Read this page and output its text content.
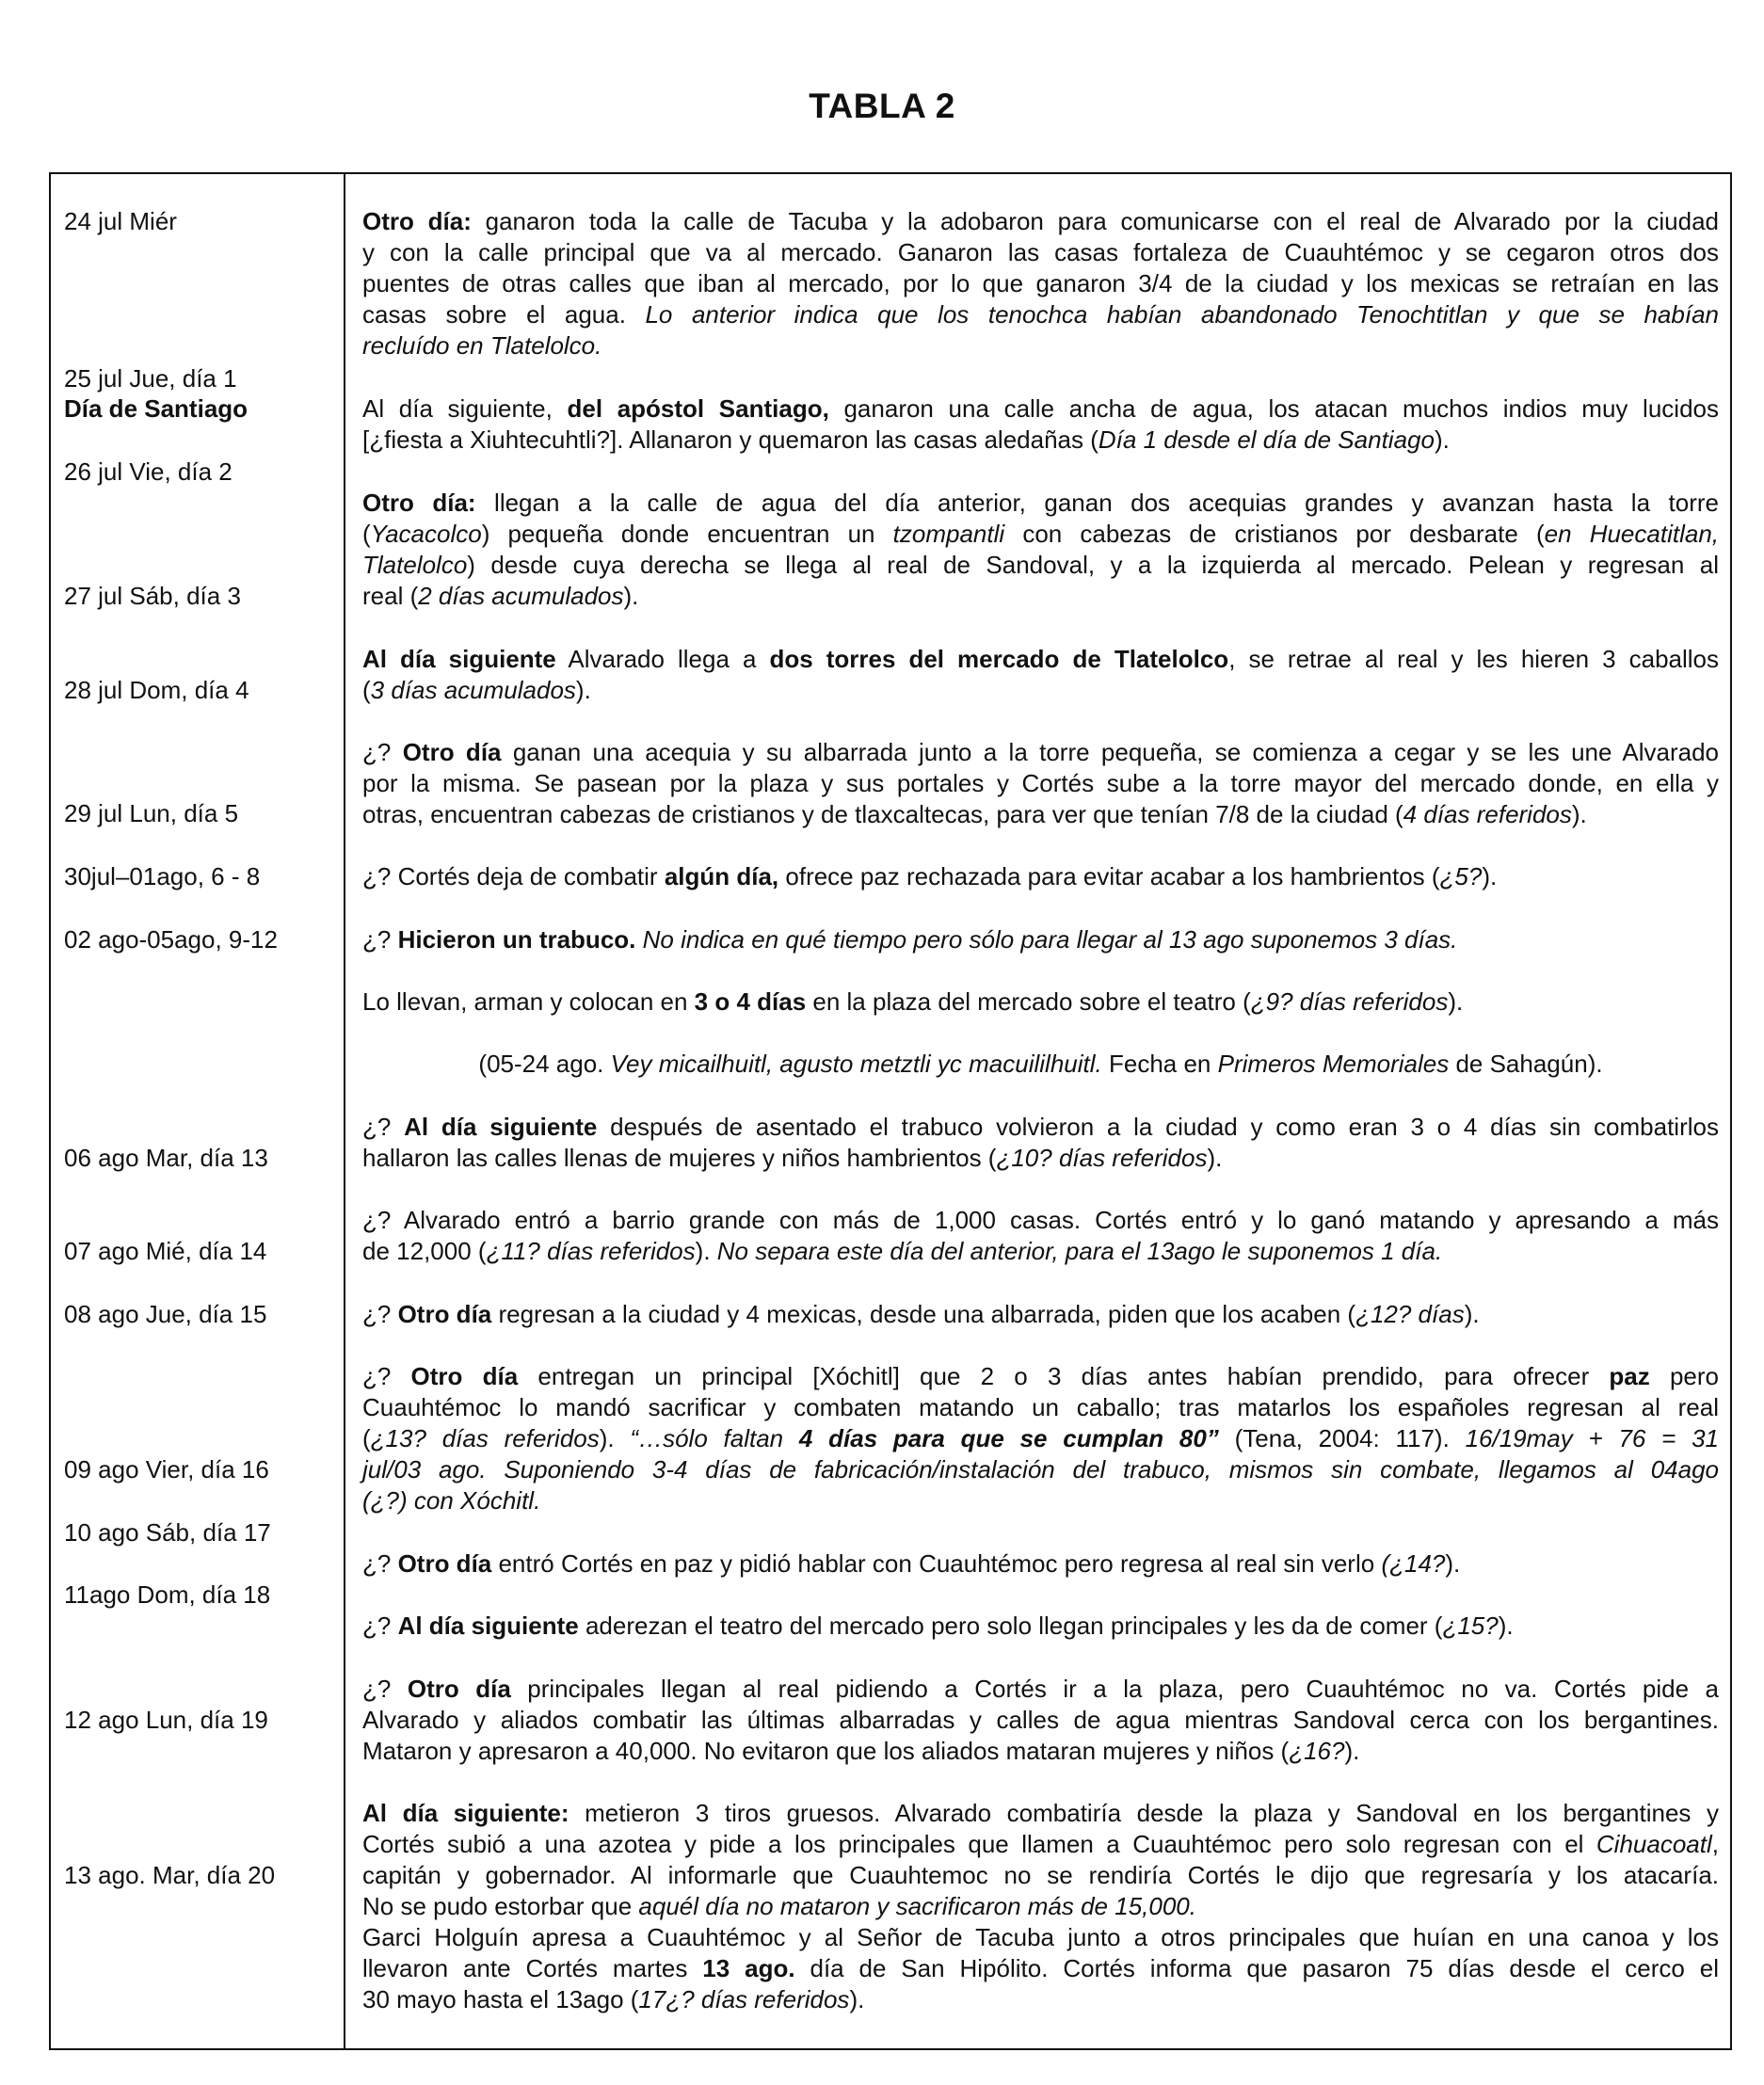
TABLA 2
24 jul Miér
25 jul Jue, día 1
Día de Santiago
26 jul Vie, día 2
27 jul Sáb, día 3
28 jul Dom, día 4
29 jul Lun, día 5
30jul–01ago, 6 - 8
02 ago-05ago, 9-12
06 ago Mar, día 13
07 ago Mié, día 14
08 ago Jue, día 15
09 ago Vier, día 16
10 ago Sáb, día 17
11ago Dom, día 18
12 ago Lun, día 19
13 ago. Mar, día 20
Otro día: ganaron toda la calle de Tacuba y la adobaron para comunicarse con el real de Alvarado por la ciudad
y con la calle principal que va al mercado. Ganaron las casas fortaleza de Cuauhtémoc y se cegaron otros dos
puentes de otras calles que iban al mercado, por lo que ganaron 3/4 de la ciudad y los mexicas se retraían en las
casas sobre el agua. Lo anterior indica que los tenochca habían abandonado Tenochtitlan y que se habían
recluído en Tlatelolco.
Al día siguiente, del apóstol Santiago, ganaron una calle ancha de agua, los atacan muchos indios muy lucidos
[¿fiesta a Xiuhtecuhtli?]. Allanaron y quemaron las casas aledañas (Día 1 desde el día de Santiago).
Otro día: llegan a la calle de agua del día anterior, ganan dos acequias grandes y avanzan hasta la torre
(Yacacolco) pequeña donde encuentran un tzompantli con cabezas de cristianos por desbarate (en Huecatitlan,
Tlatelolco) desde cuya derecha se llega al real de Sandoval, y a la izquierda al mercado. Pelean y regresan al
real (2 días acumulados).
Al día siguiente Alvarado llega a dos torres del mercado de Tlatelolco, se retrae al real y les hieren 3 caballos
(3 días acumulados).
¿? Otro día ganan una acequia y su albarrada junto a la torre pequeña, se comienza a cegar y se les une Alvarado
por la misma. Se pasean por la plaza y sus portales y Cortés sube a la torre mayor del mercado donde, en ella y
otras, encuentran cabezas de cristianos y de tlaxcaltecas, para ver que tenían 7/8 de la ciudad (4 días referidos).
¿? Cortés deja de combatir algún día, ofrece paz rechazada para evitar acabar a los hambrientos (¿5?).
¿? Hicieron un trabuco. No indica en qué tiempo pero sólo para llegar al 13 ago suponemos 3 días.
Lo llevan, arman y colocan en 3 o 4 días en la plaza del mercado sobre el teatro (¿9? días referidos).
(05-24 ago. Vey micailhuitl, agusto metztli yc macuililhuitl. Fecha en Primeros Memoriales de Sahagún).
¿? Al día siguiente después de asentado el trabuco volvieron a la ciudad y como eran 3 o 4 días sin combatirlos
hallaron las calles llenas de mujeres y niños hambrientos (¿10? días referidos).
¿? Alvarado entró a barrio grande con más de 1,000 casas. Cortés entró y lo ganó matando y apresando a más
de 12,000 (¿11? días referidos). No separa este día del anterior, para el 13ago le suponemos 1 día.
¿? Otro día regresan a la ciudad y 4 mexicas, desde una albarrada, piden que los acaben (¿12? días).
¿? Otro día entregan un principal [Xóchitl] que 2 o 3 días antes habían prendido, para ofrecer paz pero
Cuauhtémoc lo mandó sacrificar y combaten matando un caballo; tras matarlos los españoles regresan al real
(¿13? días referidos). “…sólo faltan 4 días para que se cumplan 80” (Tena, 2004: 117). 16/19may + 76 = 31
jul/03 ago. Suponiendo 3-4 días de fabricación/instalación del trabuco, mismos sin combate, llegamos al 04ago
(¿?) con Xóchitl.
¿? Otro día entró Cortés en paz y pidió hablar con Cuauhtémoc pero regresa al real sin verlo (¿14?).
¿? Al día siguiente aderezan el teatro del mercado pero solo llegan principales y les da de comer (¿15?).
¿? Otro día principales llegan al real pidiendo a Cortés ir a la plaza, pero Cuauhtémoc no va. Cortés pide a
Alvarado y aliados combatir las últimas albarradas y calles de agua mientras Sandoval cerca con los bergantines.
Mataron y apresaron a 40,000. No evitaron que los aliados mataran mujeres y niños (¿16?).
Al día siguiente: metieron 3 tiros gruesos. Alvarado combatiría desde la plaza y Sandoval en los bergantines y
Cortés subió a una azotea y pide a los principales que llamen a Cuauhtémoc pero solo regresan con el Cihuacoatl,
capitán y gobernador. Al informarle que Cuauhtemoc no se rendiría Cortés le dijo que regresaría y los atacaría.
No se pudo estorbar que aquél día no mataron y sacrificaron más de 15,000.
Garci Holguín apresa a Cuauhtémoc y al Señor de Tacuba junto a otros principales que huían en una canoa y los
llevaron ante Cortés martes 13 ago. día de San Hipólito. Cortés informa que pasaron 75 días desde el cerco el
30 mayo hasta el 13ago (17¿? días referidos).
